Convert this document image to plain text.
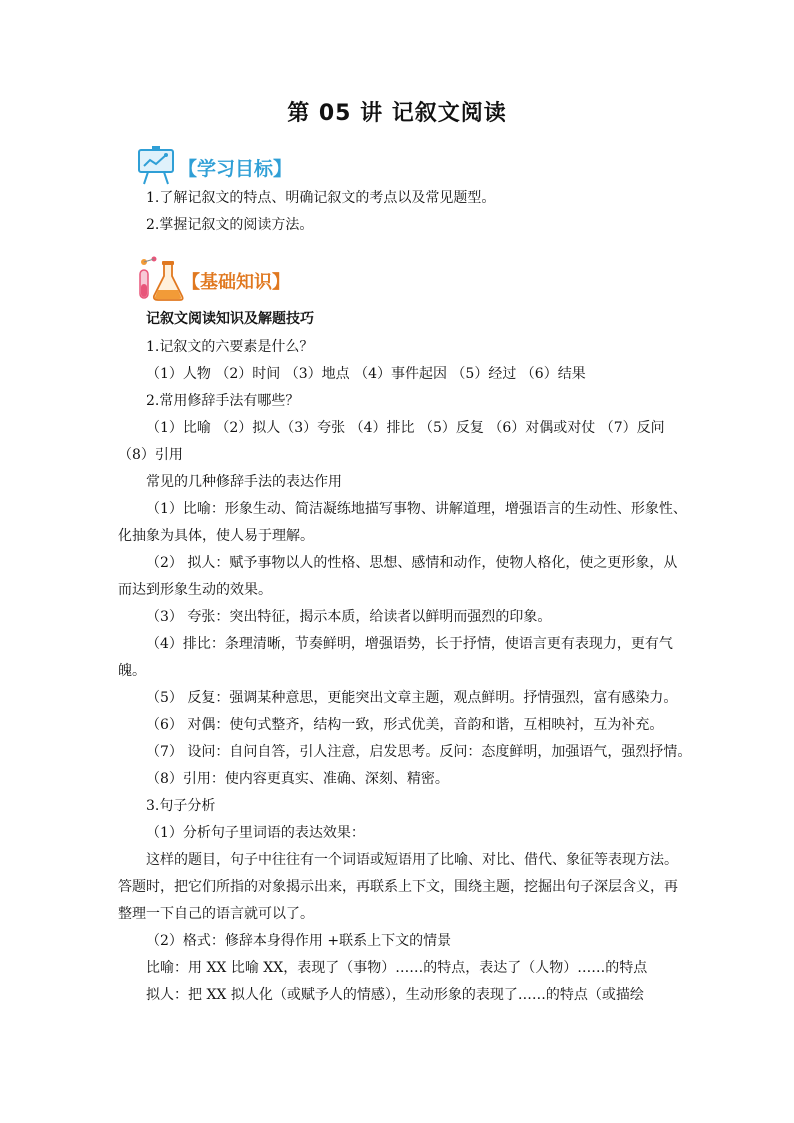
第 05 讲 记叙文阅读
【学习目标】
【基础知识】
1.了解记叙文的特点、明确记叙文的考点以及常见题型。
2.掌握记叙文的阅读方法。
记叙文阅读知识及解题技巧
1.记叙文的六要素是什么？
（1）人物 （2）时间 （3）地点 （4）事件起因 （5）经过 （6）结果
2.常用修辞手法有哪些？
（1）比喻 （2）拟人（3）夸张 （4）排比 （5）反复 （6）对偶或对仗 （7）反问
（8）引用
常见的几种修辞手法的表达作用
（1）比喻：形象生动、简洁凝练地描写事物、讲解道理，增强语言的生动性、形象性、
化抽象为具体，使人易于理解。
（2） 拟人：赋予事物以人的性格、思想、感情和动作，使物人格化，使之更形象，从
而达到形象生动的效果。
（3） 夸张：突出特征，揭示本质，给读者以鲜明而强烈的印象。
（4）排比：条理清晰，节奏鲜明，增强语势，长于抒情，使语言更有表现力，更有气
魄。
（5） 反复：强调某种意思，更能突出文章主题，观点鲜明。抒情强烈，富有感染力。
（6） 对偶：使句式整齐，结构一致，形式优美，音韵和谐，互相映衬，互为补充。
（7） 设问：自问自答，引人注意，启发思考。反问：态度鲜明，加强语气，强烈抒情。
（8）引用：使内容更真实、准确、深刻、精密。
3.句子分析
（1）分析句子里词语的表达效果：
这样的题目，句子中往往有一个词语或短语用了比喻、对比、借代、象征等表现方法。
答题时，把它们所指的对象揭示出来，再联系上下文，围绕主题，挖掘出句子深层含义，再
整理一下自己的语言就可以了。
（2）格式：修辞本身得作用 +联系上下文的情景
比喻：用 XX 比喻 XX，表现了（事物）……的特点，表达了（人物）……的特点
拟人：把 XX 拟人化（或赋予人的情感），生动形象的表现了……的特点（或描绘
